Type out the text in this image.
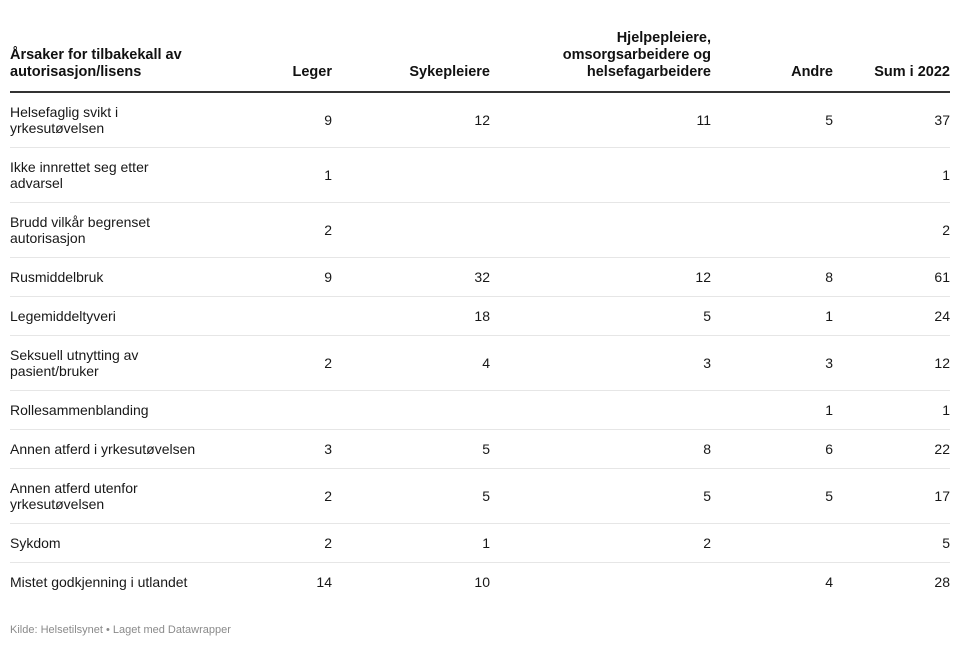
Årsaker for tilbakekall av
autorisasjon/lisens	Leger	Sykepleiere	Hjelpepleiere,
omsorgsarbeidere og
helsefagarbeidere	Andre	Sum i 2022
Helsefaglig svikt i
yrkesutøvelsen	9	12	11	5	37
Ikke innrettet seg etter
advarsel	1				1
Brudd vilkår begrenset
autorisasjon	2				2
Rusmiddelbruk	9	32	12	8	61
Legemiddeltyveri		18	5	1	24
Seksuell utnytting av
pasient/bruker	2	4	3	3	12
Rollesammenblanding				1	1
Annen atferd i yrkesutøvelsen	3	5	8	6	22
Annen atferd utenfor
yrkesutøvelsen	2	5	5	5	17
Sykdom	2	1	2		5
Mistet godkjenning i utlandet	14	10		4	28
Kilde: Helsetilsynet • Laget med Datawrapper
